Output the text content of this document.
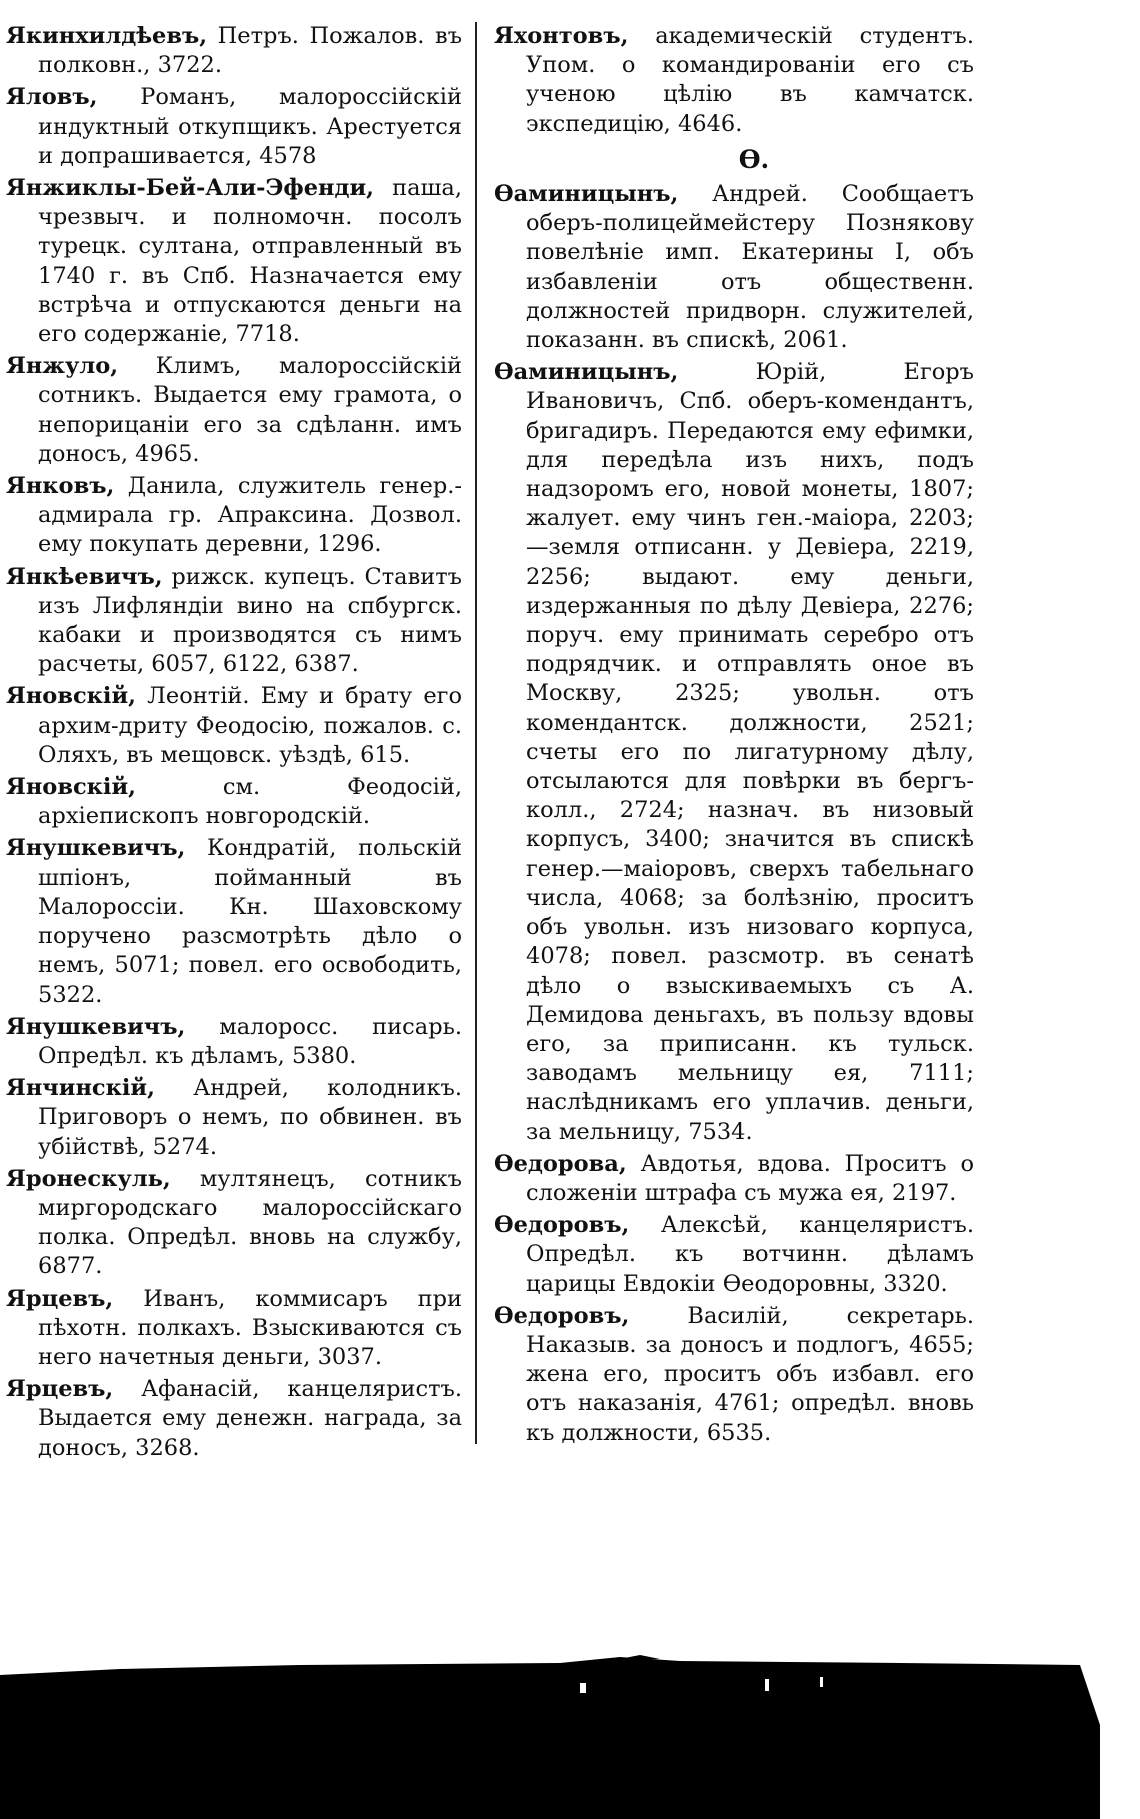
Якинхилдѣевъ, Петръ. Пожалов. въ полковн., 3722.
Яловъ, Романъ, малороссійскій индуктный откупщикъ. Арестуется и допрашивается, 4578
Янжиклы-Бей-Али-Эфенди, паша, чрезвыч. и полномочн. посолъ турецк. султана, отправленный въ 1740 г. въ Спб. Назначается ему встрѣча и отпускаются деньги на его содержаніе, 7718.
Янжуло, Климъ, малороссійскій сотникъ. Выдается ему грамота, о непорицаніи его за сдѣланн. имъ доносъ, 4965.
Янковъ, Данила, служитель генер.-адмирала гр. Апраксина. Дозвол. ему покупать деревни, 1296.
Янкѣевичъ, рижск. купецъ. Ставитъ изъ Лифляндіи вино на спбургск. кабаки и производятся съ нимъ расчеты, 6057, 6122, 6387.
Яновскій, Леонтій. Ему и брату его архим-дриту Феодосію, пожалов. с. Оляхъ, въ мещовск. уѣздѣ, 615.
Яновскій,	см. Феодосій, архіепископъ новгородскій.
Янушкевичъ, Кондратій, польскій шпіонъ, пойманный въ Малороссіи. Кн. Шаховскому поручено разсмотрѣть дѣло о немъ, 5071; повел. его освободить, 5322.
Янушкевичъ, малоросс. писарь. Опредѣл. къ дѣламъ, 5380.
Янчинскій, Андрей, колодникъ. Приговоръ о немъ, по обвинен. въ убійствѣ, 5274.
Яронескуль, мултянецъ, сотникъ миргородскаго малороссійскаго полка. Опредѣл. вновь на службу, 6877.
Ярцевъ, Иванъ, коммисаръ при пѣхотн. полкахъ. Взыскиваются съ него начетныя деньги, 3037.
Ярцевъ, Афанасій, канцеляристъ. Выдается ему денежн. награда, за доносъ, 3268.
Яхонтовъ, академическій студентъ. Упом. о командированіи его съ ученою цѣлію въ камчатск. экспедицію, 4646.
Ѳ.
Ѳаминицынъ, Андрей. Сообщаетъ оберъ-полицеймейстеру Познякову повелѣніе имп. Екатерины I, объ избавленіи отъ общественн. должностей придворн. служителей, показанн. въ спискѣ, 2061.
Ѳаминицынъ,	Юрій, Егоръ Ивановичъ, Спб. оберъ-комендантъ, бригадиръ. Передаются ему ефимки, для передѣла изъ нихъ, подъ надзоромъ его, новой монеты, 1807; жалует. ему чинъ ген.-маіора, 2203;—земля отписанн. у Девіера, 2219, 2256; выдают. ему деньги, издержанныя по дѣлу Девіера, 2276; поруч. ему принимать серебро отъ подрядчик. и отправлять оное въ Москву, 2325; увольн. отъ комендантск. должности, 2521; счеты его по лигатурному дѣлу, отсылаются для повѣрки въ бергъ-колл., 2724; назнач. въ низовый корпусъ, 3400; значится въ спискѣ генер.—маіоровъ, сверхъ табельнаго числа, 4068; за болѣзнію, проситъ объ увольн. изъ низоваго корпуса, 4078; повел. разсмотр. въ сенатѣ дѣло о взыскиваемыхъ съ А. Демидова деньгахъ, въ пользу вдовы его, за приписанн. къ тульск. заводамъ мельницу ея, 7111; наслѣдникамъ его уплачив. деньги, за мельницу, 7534.
Ѳедорова, Авдотья, вдова. Проситъ о сложеніи штрафа съ мужа ея, 2197.
Ѳедоровъ, Алексѣй, канцеляристъ. Опредѣл. къ вотчинн. дѣламъ царицы Евдокіи Ѳеодоровны, 3320.
Ѳедоровъ,	Василій, секретарь. Наказыв. за доносъ и подлогъ, 4655; жена его, проситъ объ избавл. его отъ наказанія, 4761; опредѣл. вновь къ должности, 6535.
